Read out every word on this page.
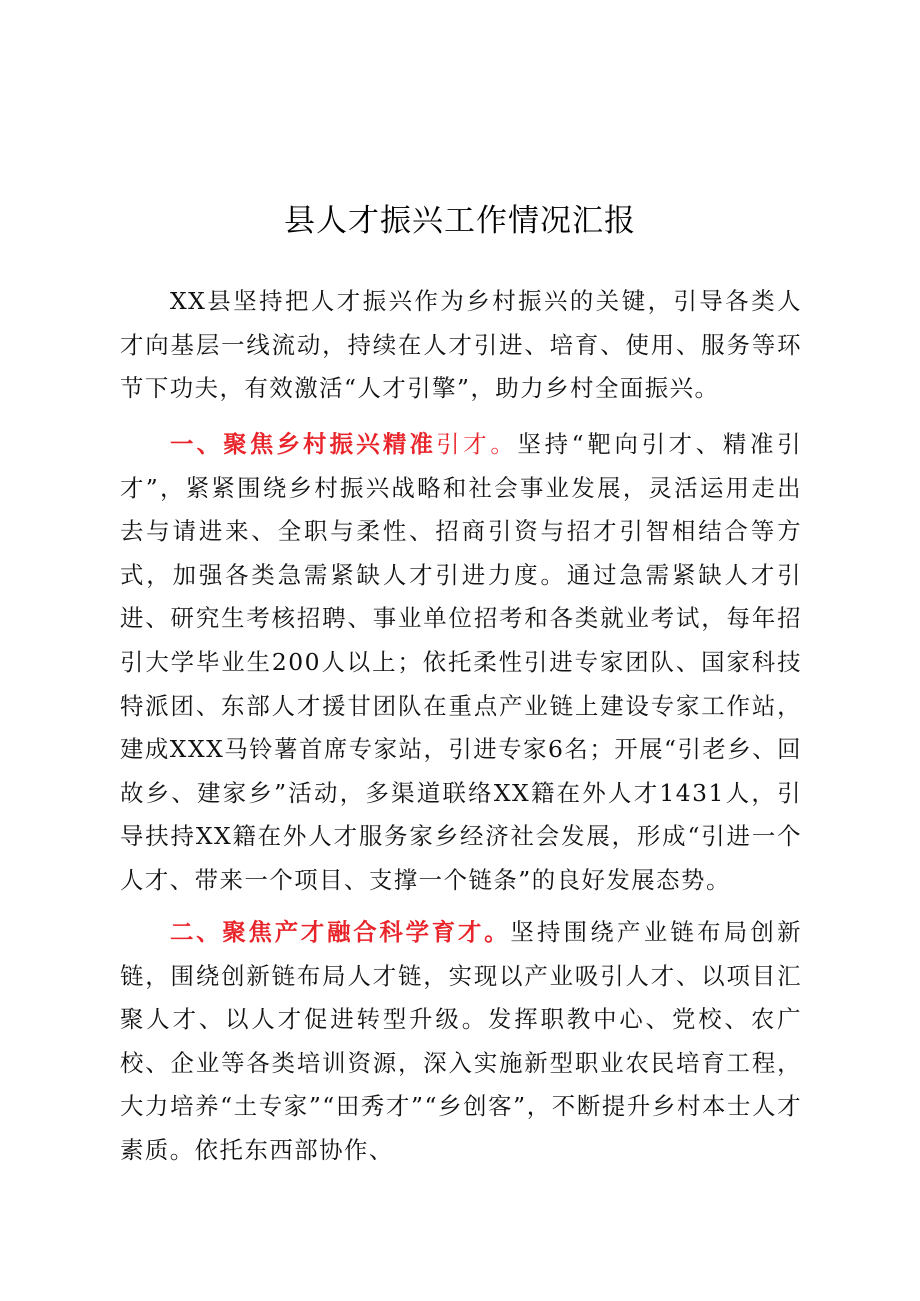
县人才振兴工作情况汇报
XX县坚持把人才振兴作为乡村振兴的关键，引导各类人才向基层一线流动，持续在人才引进、培育、使用、服务等环节下功夫，有效激活“人才引擎”，助力乡村全面振兴。
一、聚焦乡村振兴精准引才。坚持“靶向引才、精准引才”，紧紧围绕乡村振兴战略和社会事业发展，灵活运用走出去与请进来、全职与柔性、招商引资与招才引智相结合等方式，加强各类急需紧缺人才引进力度。通过急需紧缺人才引进、研究生考核招聘、事业单位招考和各类就业考试，每年招引大学毕业生200人以上；依托柔性引进专家团队、国家科技特派团、东部人才援甘团队在重点产业链上建设专家工作站，建成XXX马铃薯首席专家站，引进专家6名；开展“引老乡、回故乡、建家乡”活动，多渠道联络XX籍在外人才1431人，引导扶持XX籍在外人才服务家乡经济社会发展，形成“引进一个人才、带来一个项目、支撑一个链条”的良好发展态势。
二、聚焦产才融合科学育才。坚持围绕产业链布局创新链，围绕创新链布局人才链，实现以产业吸引人才、以项目汇聚人才、以人才促进转型升级。发挥职教中心、党校、农广校、企业等各类培训资源，深入实施新型职业农民培育工程，大力培养“土专家”“田秀才”“乡创客”，不断提升乡村本士人才素质。依托东西部协作、
